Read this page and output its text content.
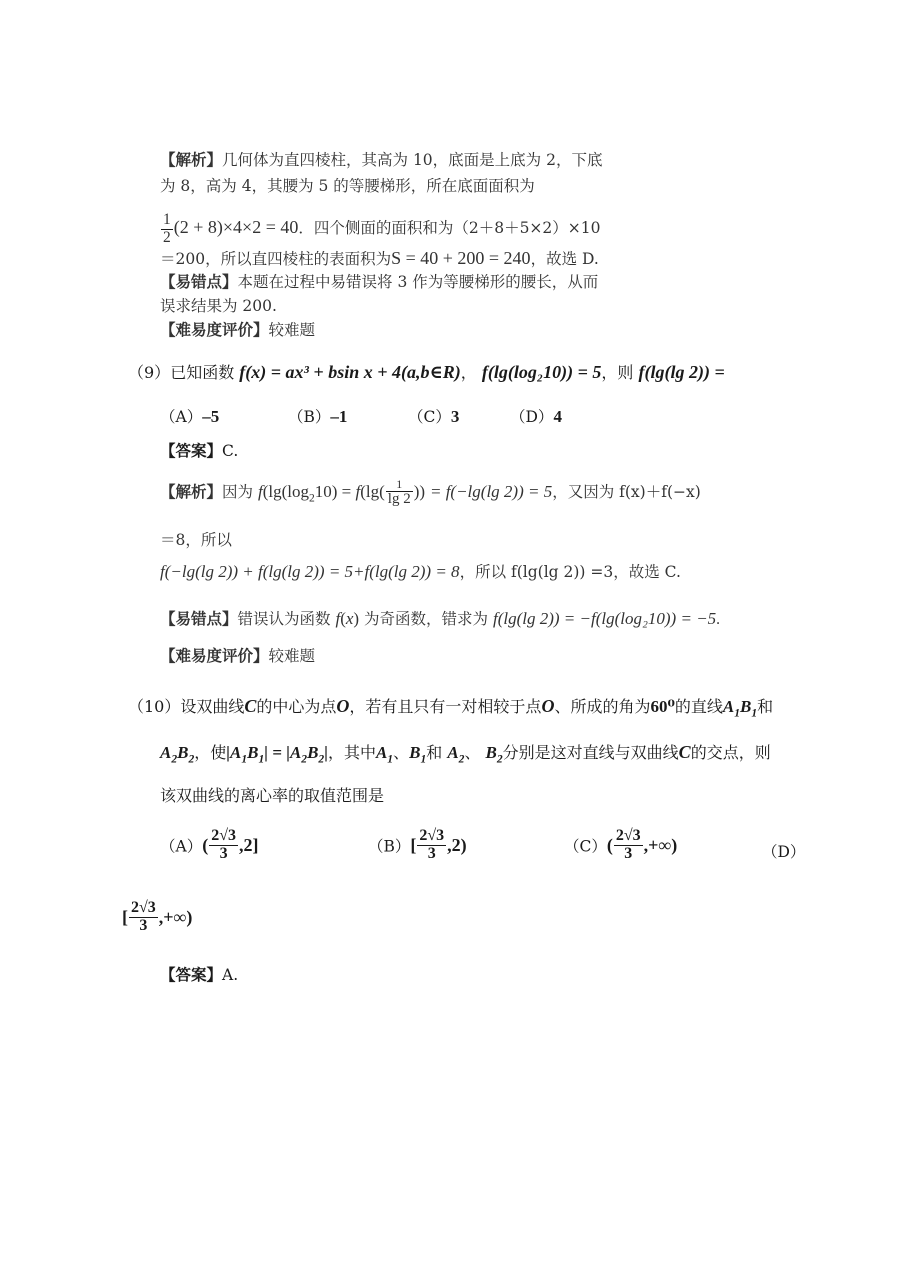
【解析】几何体为直四棱柱，其高为 10，底面是上底为 2，下底
为 8，高为 4，其腰为 5 的等腰梯形，所在底面面积为
$\frac{1}{2} (2 + 8)\times 4\times 2 = 40$．四个侧面的面积和为（2＋8＋5×2）×10
＝200，所以直四棱柱的表面积为S = 40 + 200 = 240，故选 D.
【易错点】本题在过程中易错误将 3 作为等腰梯形的腰长，从而
误求结果为 200.
【难易度评价】较难题
（9）已知函数 f(x) = ax³ + bsin x + 4(a,b∈R)， f(lg(log₂10)) = 5，则 f(lg(lg 2)) =
（A）–5	（B）–1	（C）3	（D）4
【答案】C.
【解析】因为 $f(\lg(\log_210) = f(\lg( \frac{1}{\lg 2}$ )) = f(−lg(lg 2)) = 5，又因为 f(x)＋f(−x)
＝8，所以
f(−lg(lg 2)) + f(lg(lg 2)) = 5+f(lg(lg 2)) = 8，所以 f(lg(lg 2)) =3，故选 C.
【易错点】错误认为函数 f(x) 为奇函数，错求为 f(lg(lg 2)) = −f(lg(log₂10)) = −5.
【难易度评价】较难题
（10）设双曲线C的中心为点O，若有且只有一对相较于点O、所成的角为60⁰的直线$A_1B_1$和
$A_2B_2$，使$|A_1B_1| = |A_2B_2|$，其中$A_1$、$B_1$和 $A_2$、 $B_2$分别是这对直线与双曲线C的交点，则
该双曲线的离心率的取值范围是
$(A)( \frac{2√3}{3} ,2]$	$(B)[ \frac{2√3}{3} ,2)$	$(C)( \frac{2√3}{3}$ ,+∞)	（D）
[ $\frac{2√3}{3}$ ,+∞)
【答案】A.
